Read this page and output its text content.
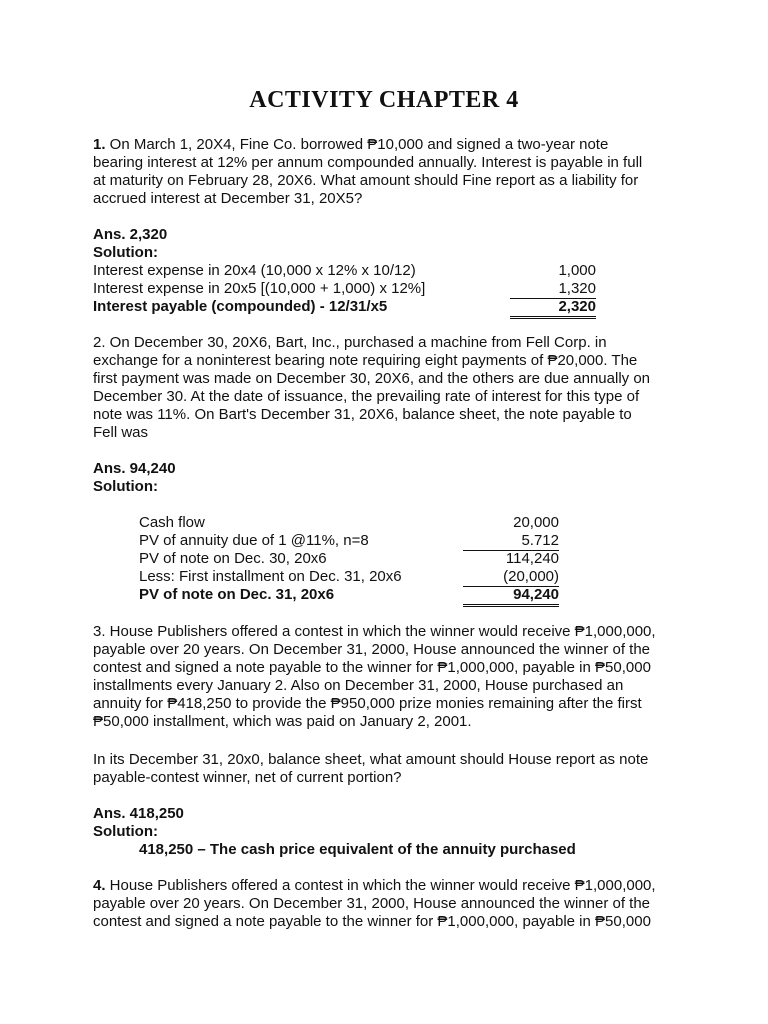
ACTIVITY CHAPTER 4
1. On March 1, 20X4, Fine Co. borrowed ₱10,000 and signed a two-year note
bearing interest at 12% per annum compounded annually. Interest is payable in full
at maturity on February 28, 20X6. What amount should Fine report as a liability for
accrued interest at December 31, 20X5?
Ans. 2,320
Solution:
Interest expense in 20x4 (10,000 x 12% x 10/12)	1,000
Interest expense in 20x5 [(10,000 + 1,000) x 12%]	1,320
Interest payable (compounded) - 12/31/x5	2,320
2. On December 30, 20X6, Bart, Inc., purchased a machine from Fell Corp. in
exchange for a noninterest bearing note requiring eight payments of ₱20,000. The
first payment was made on December 30, 20X6, and the others are due annually on
December 30. At the date of issuance, the prevailing rate of interest for this type of
note was 11%. On Bart's December 31, 20X6, balance sheet, the note payable to
Fell was
Ans. 94,240
Solution:
Cash flow	20,000
PV of annuity due of 1 @11%, n=8	5.712
PV of note on Dec. 30, 20x6	114,240
Less: First installment on Dec. 31, 20x6	(20,000)
PV of note on Dec. 31, 20x6	94,240
3. House Publishers offered a contest in which the winner would receive ₱1,000,000,
payable over 20 years. On December 31, 2000, House announced the winner of the
contest and signed a note payable to the winner for ₱1,000,000, payable in ₱50,000
installments every January 2. Also on December 31, 2000, House purchased an
annuity for ₱418,250 to provide the ₱950,000 prize monies remaining after the first
₱50,000 installment, which was paid on January 2, 2001.
In its December 31, 20x0, balance sheet, what amount should House report as note
payable-contest winner, net of current portion?
Ans. 418,250
Solution:
418,250 – The cash price equivalent of the annuity purchased
4. House Publishers offered a contest in which the winner would receive ₱1,000,000,
payable over 20 years. On December 31, 2000, House announced the winner of the
contest and signed a note payable to the winner for ₱1,000,000, payable in ₱50,000
